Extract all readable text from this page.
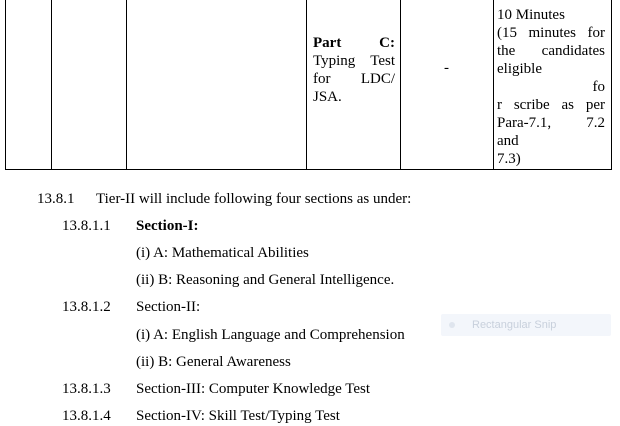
Part	C:
Typing Test
for LDC/
JSA.
-
10 Minutes
(15 minutes for
the candidates
eligible
fo
r scribe as per
Para-7.1, 7.2
and
7.3)
13.8.1 Tier-II will include following four sections as under:
13.8.1.1 Section-I:
(i) A: Mathematical Abilities
(ii) B: Reasoning and General Intelligence.
13.8.1.2 Section-II:
(i) A: English Language and Comprehension
(ii) B: General Awareness
13.8.1.3 Section-III: Computer Knowledge Test
13.8.1.4 Section-IV: Skill Test/Typing Test
Rectangular Snip
